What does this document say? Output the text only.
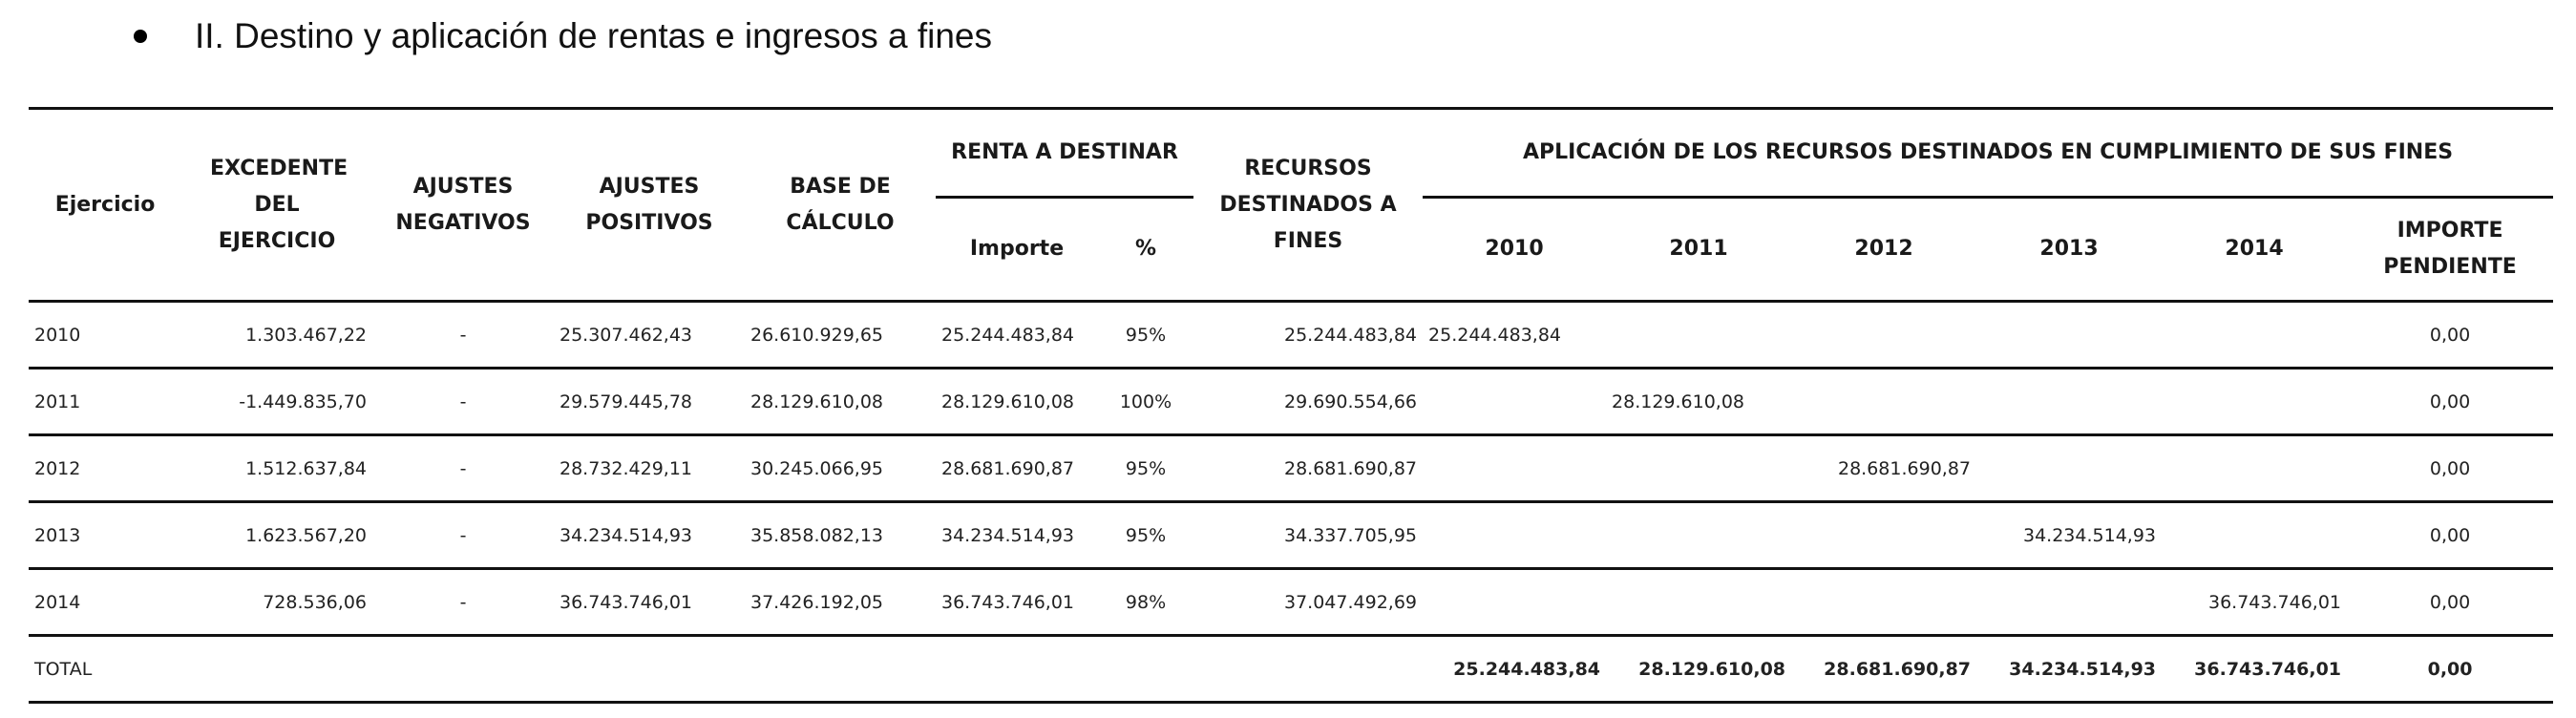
II. Destino y aplicación de rentas e ingresos a fines
Ejercicio	EXCEDENTE DEL EJERCICIO	AJUSTES NEGATIVOS	AJUSTES POSITIVOS	BASE DE CÁLCULO	RENTA A DESTINAR		RECURSOS DESTINADOS A FINES	APLICACIÓN DE LOS RECURSOS DESTINADOS EN CUMPLIMIENTO DE SUS FINES					
					Importe	%		2010	2011	2012	2013	2014	IMPORTE PENDIENTE
2010	1.303.467,22	-	25.307.462,43	26.610.929,65	25.244.483,84	95%	25.244.483,84	25.244.483,84					0,00
2011	-1.449.835,70	-	29.579.445,78	28.129.610,08	28.129.610,08	100%	29.690.554,66		28.129.610,08				0,00
2012	1.512.637,84	-	28.732.429,11	30.245.066,95	28.681.690,87	95%	28.681.690,87			28.681.690,87			0,00
2013	1.623.567,20	-	34.234.514,93	35.858.082,13	34.234.514,93	95%	34.337.705,95				34.234.514,93		0,00
2014	728.536,06	-	36.743.746,01	37.426.192,05	36.743.746,01	98%	37.047.492,69					36.743.746,01	0,00
TOTAL								25.244.483,84	28.129.610,08	28.681.690,87	34.234.514,93	36.743.746,01	0,00
